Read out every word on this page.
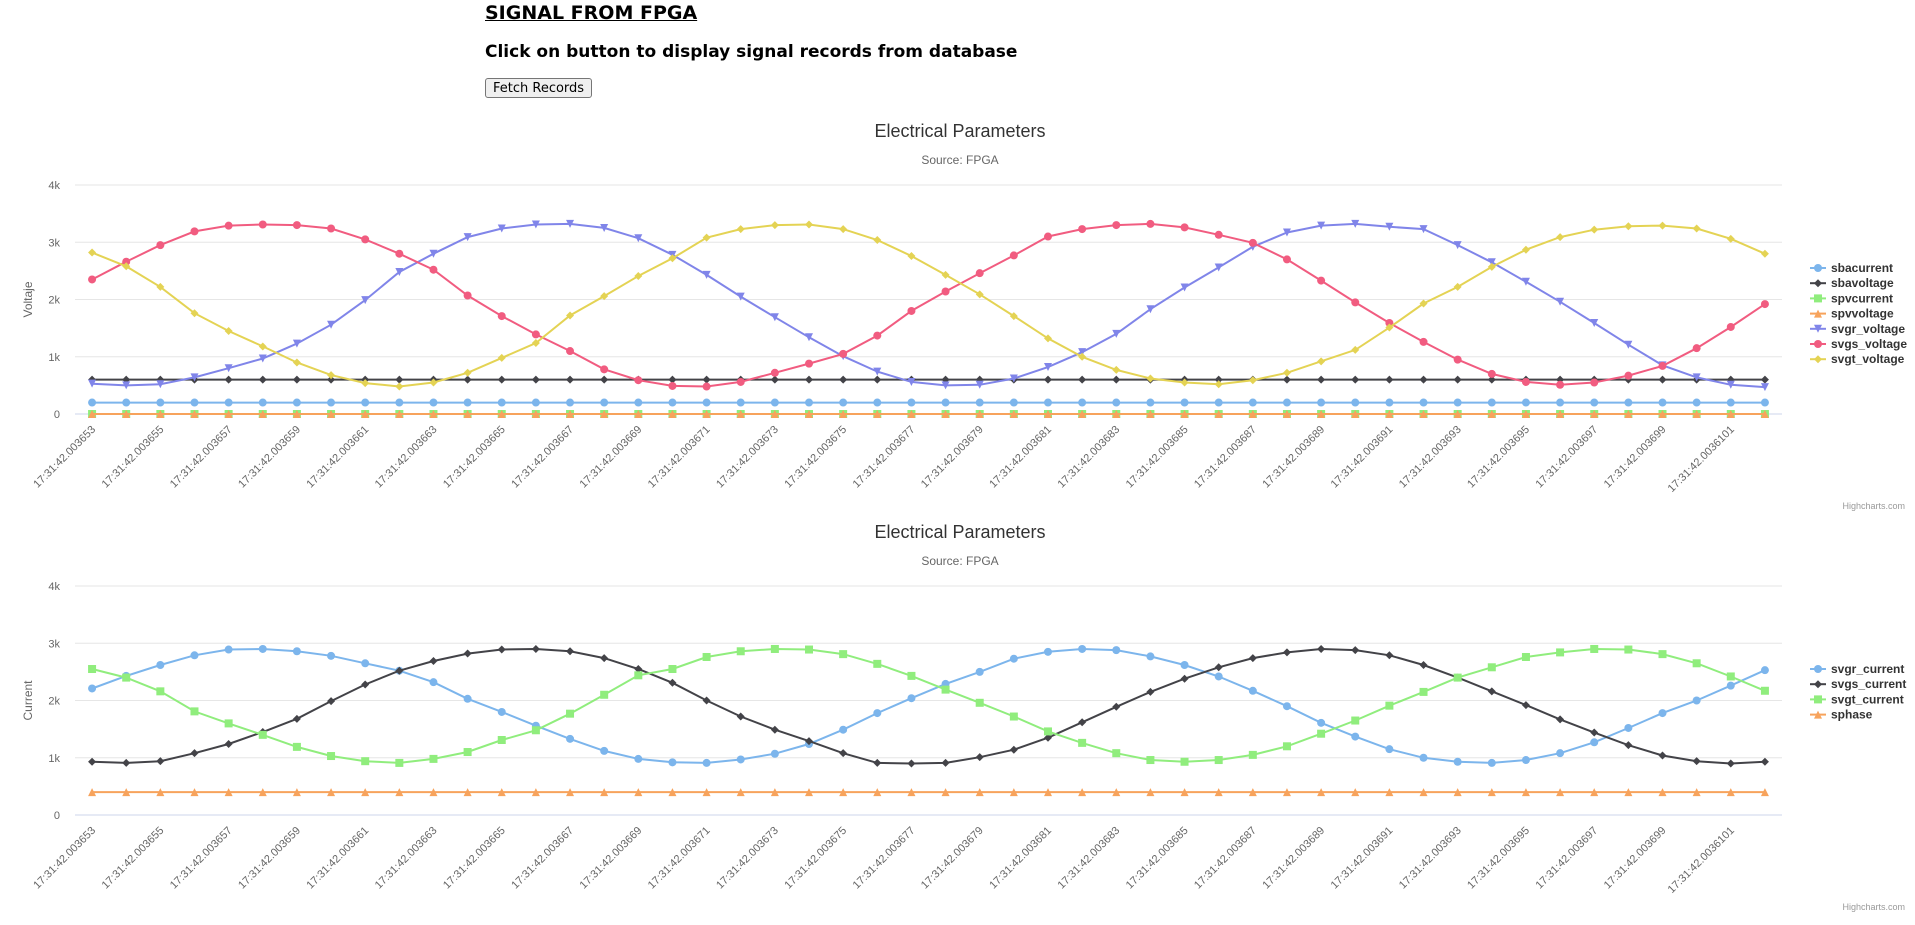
SIGNAL FROM FPGA
Click on button to display signal records from database
Fetch Records
Electrical Parameters
Source: FPGA
0
1k
2k
3k
4k
Voltaje
17:31:42.003653 17:31:42.003655 17:31:42.003657 17:31:42.003659 17:31:42.003661 17:31:42.003663 17:31:42.003665 17:31:42.003667 17:31:42.003669 17:31:42.003671 17:31:42.003673 17:31:42.003675 17:31:42.003677 17:31:42.003679 17:31:42.003681 17:31:42.003683 17:31:42.003685 17:31:42.003687 17:31:42.003689 17:31:42.003691 17:31:42.003693 17:31:42.003695 17:31:42.003697 17:31:42.003699
17:31:42.0036101
sbacurrent
sbavoltage
spvcurrent
spvvoltage
svgr_voltage
svgs_voltage
svgt_voltage
Highcharts.com
Electrical Parameters
Source: FPGA
0
1k
2k
3k
4k
Current
17:31:42.003653 17:31:42.003655 17:31:42.003657 17:31:42.003659 17:31:42.003661 17:31:42.003663 17:31:42.003665 17:31:42.003667 17:31:42.003669 17:31:42.003671 17:31:42.003673 17:31:42.003675 17:31:42.003677 17:31:42.003679 17:31:42.003681 17:31:42.003683 17:31:42.003685 17:31:42.003687 17:31:42.003689 17:31:42.003691 17:31:42.003693 17:31:42.003695 17:31:42.003697 17:31:42.003699
17:31:42.0036101
svgr_current
svgs_current
svgt_current
sphase
Highcharts.com
